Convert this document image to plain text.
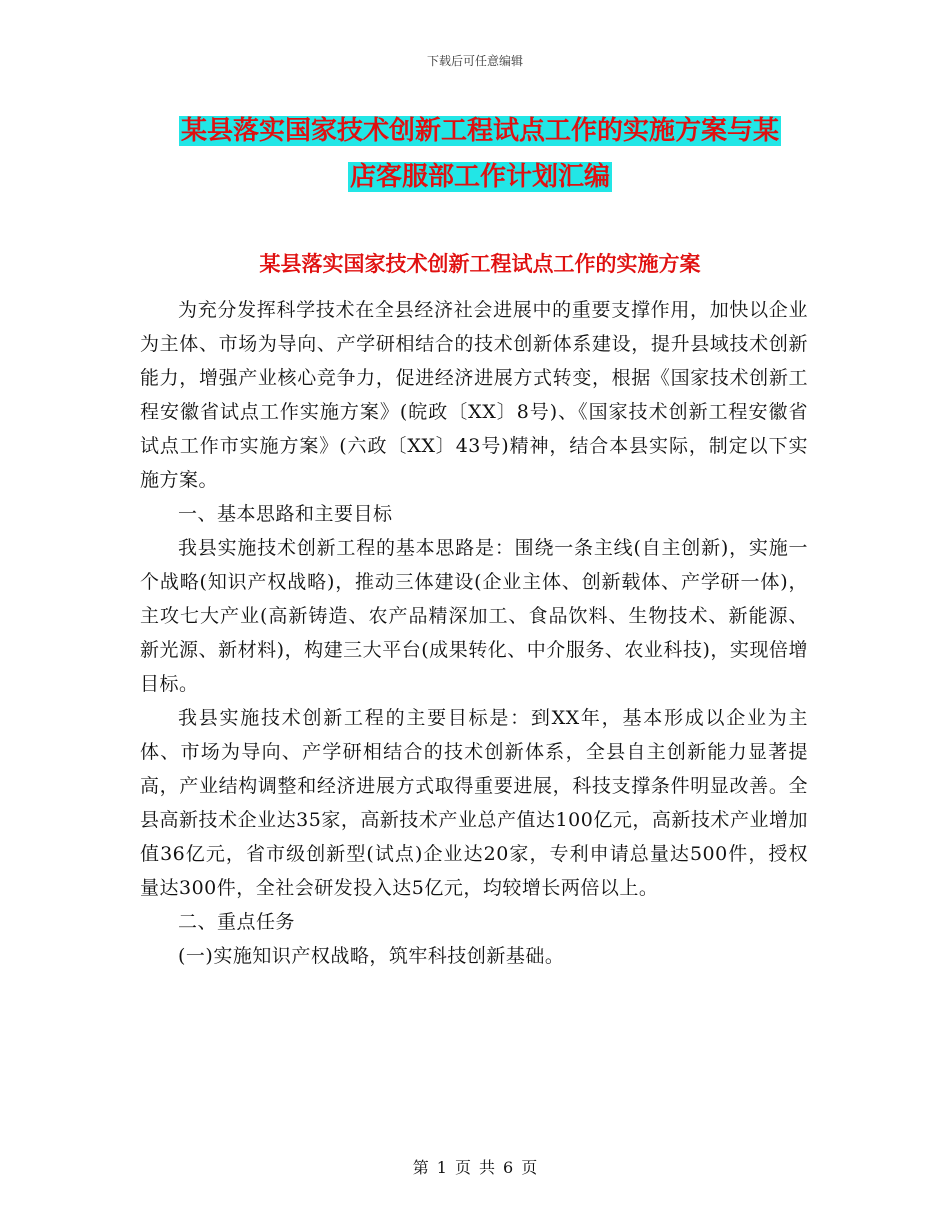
下载后可任意编辑
某县落实国家技术创新工程试点工作的实施方案与某
店客服部工作计划汇编
某县落实国家技术创新工程试点工作的实施方案

为充分发挥科学技术在全县经济社会进展中的重要支撑作用，加快以企业为主体、市场为导向、产学研相结合的技术创新体系建设，提升县域技术创新能力，增强产业核心竞争力，促进经济进展方式转变，根据《国家技术创新工程安徽省试点工作实施方案》(皖政〔XX〕8号)、《国家技术创新工程安徽省试点工作市实施方案》(六政〔XX〕43号)精神，结合本县实际，制定以下实施方案。

一、基本思路和主要目标

我县实施技术创新工程的基本思路是：围绕一条主线(自主创新)，实施一个战略(知识产权战略)，推动三体建设(企业主体、创新载体、产学研一体)，主攻七大产业(高新铸造、农产品精深加工、食品饮料、生物技术、新能源、新光源、新材料)，构建三大平台(成果转化、中介服务、农业科技)，实现倍增目标。

我县实施技术创新工程的主要目标是：到XX年，基本形成以企业为主体、市场为导向、产学研相结合的技术创新体系，全县自主创新能力显著提高，产业结构调整和经济进展方式取得重要进展，科技支撑条件明显改善。全县高新技术企业达35家，高新技术产业总产值达100亿元，高新技术产业增加值36亿元，省市级创新型(试点)企业达20家，专利申请总量达500件，授权量达300件，全社会研发投入达5亿元，均较增长两倍以上。

二、重点任务

(一)实施知识产权战略，筑牢科技创新基础。

第 1 页 共 6 页
